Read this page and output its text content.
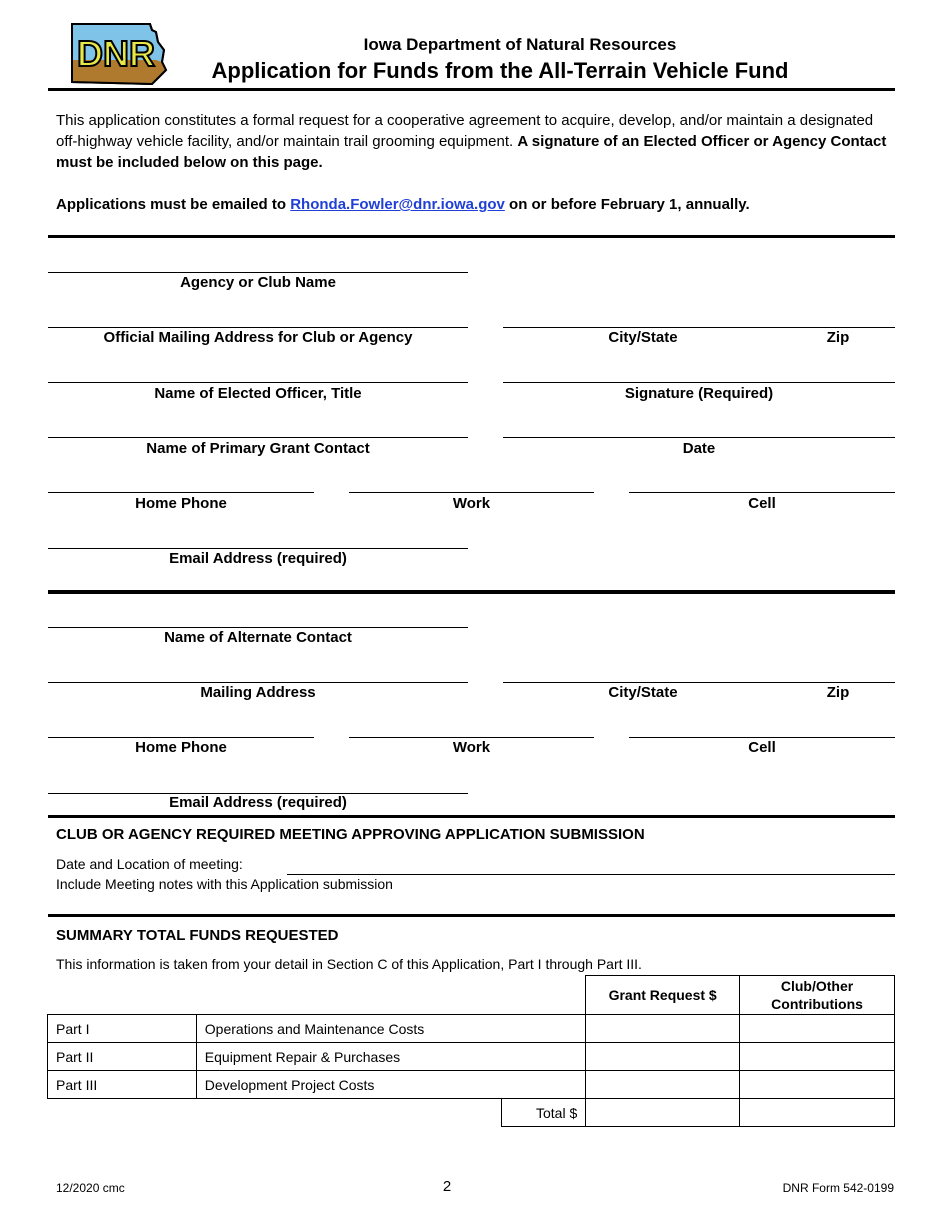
DNR	Iowa Department of Natural Resources
Application for Funds from the All-Terrain Vehicle Fund
This application constitutes a formal request for a cooperative agreement to acquire, develop, and/or maintain a designated off-highway vehicle facility, and/or maintain trail grooming equipment. A signature of an Elected Officer or Agency Contact must be included below on this page.
Applications must be emailed to Rhonda.Fowler@dnr.iowa.gov on or before February 1, annually.
Agency or Club Name
Official Mailing Address for Club or Agency	City/State	Zip
Name of Elected Officer, Title	Signature (Required)
Name of Primary Grant Contact	Date
Home Phone	Work	Cell
Email Address (required)
Name of Alternate Contact
Mailing Address	City/State	Zip
Home Phone	Work	Cell
Email Address (required)
CLUB OR AGENCY REQUIRED MEETING APPROVING APPLICATION SUBMISSION
Date and Location of meeting:
Include Meeting notes with this Application submission
SUMMARY TOTAL FUNDS REQUESTED
This information is taken from your detail in Section C of this Application, Part I through Part III.
			Grant Request $	Club/Other Contributions
Part I	Operations and Maintenance Costs			
Part II	Equipment Repair & Purchases			
Part III	Development Project Costs			
		Total $		
12/2020 cmc	2	DNR Form 542-0199
